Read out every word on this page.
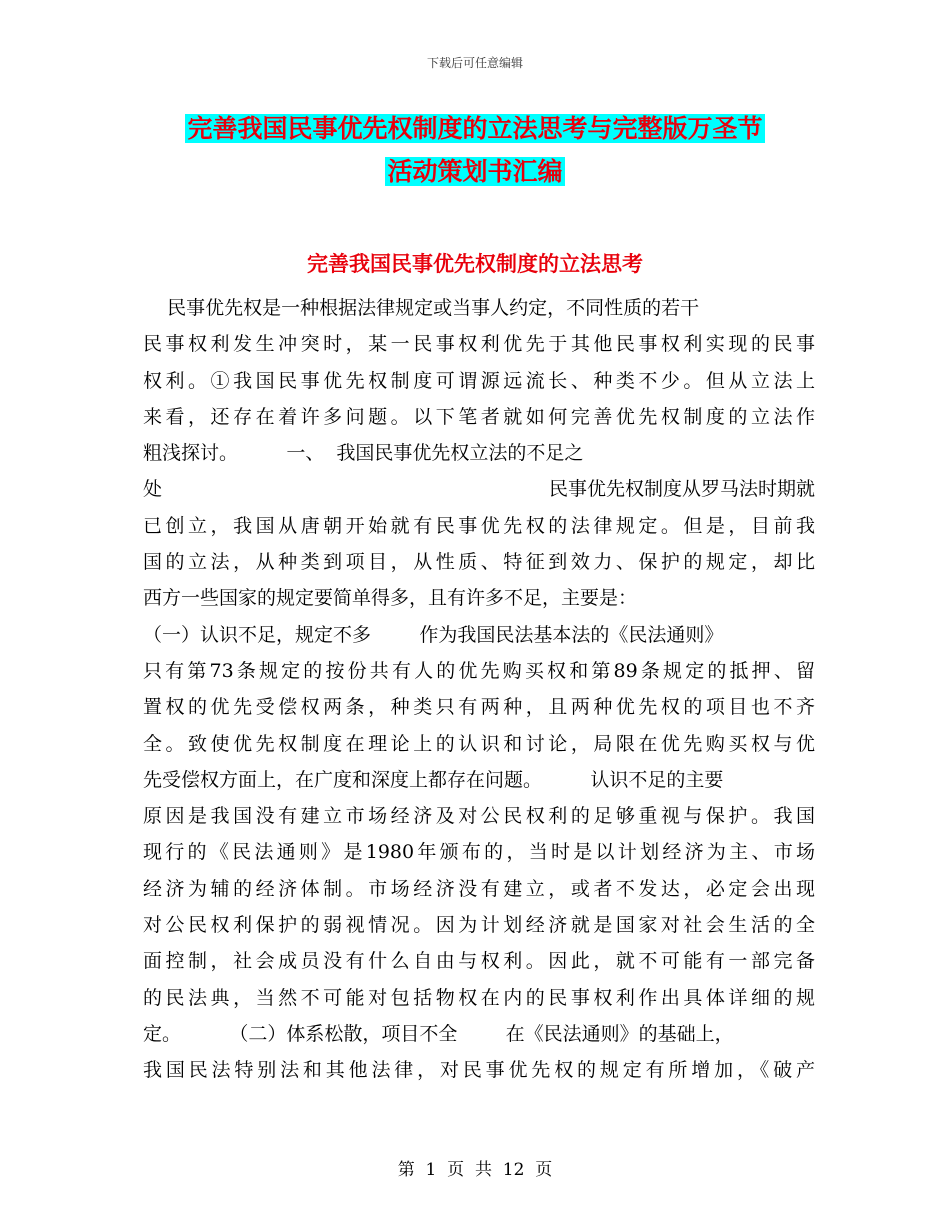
下载后可任意编辑
完善我国民事优先权制度的立法思考与完整版万圣节
活动策划书汇编
完善我国民事优先权制度的立法思考
民事优先权是一种根据法律规定或当事人约定，不同性质的若干
民事权利发生冲突时，某一民事权利优先于其他民事权利实现的民事
权利。①我国民事优先权制度可谓源远流长、种类不少。但从立法上
来看，还存在着许多问题。以下笔者就如何完善优先权制度的立法作
粗浅探讨。        一、  我国民事优先权立法的不足之
处	民事优先权制度从罗马法时期就
已创立，我国从唐朝开始就有民事优先权的法律规定。但是，目前我
国的立法，从种类到项目，从性质、特征到效力、保护的规定，却比
西方一些国家的规定要简单得多，且有许多不足，主要是：
（一）认识不足，规定不多        作为我国民法基本法的《民法通则》
只有第73条规定的按份共有人的优先购买权和第89条规定的抵押、留
置权的优先受偿权两条，种类只有两种，且两种优先权的项目也不齐
全。致使优先权制度在理论上的认识和讨论，局限在优先购买权与优
先受偿权方面上，在广度和深度上都存在问题。        认识不足的主要
原因是我国没有建立市场经济及对公民权利的足够重视与保护。我国
现行的《民法通则》是1980年颁布的，当时是以计划经济为主、市场
经济为辅的经济体制。市场经济没有建立，或者不发达，必定会出现
对公民权利保护的弱视情况。因为计划经济就是国家对社会生活的全
面控制，社会成员没有什么自由与权利。因此，就不可能有一部完备
的民法典，当然不可能对包括物权在内的民事权利作出具体详细的规
定。        （二）体系松散，项目不全        在《民法通则》的基础上，
我国民法特别法和其他法律，对民事优先权的规定有所增加，《破产
第  1  页  共  12  页
